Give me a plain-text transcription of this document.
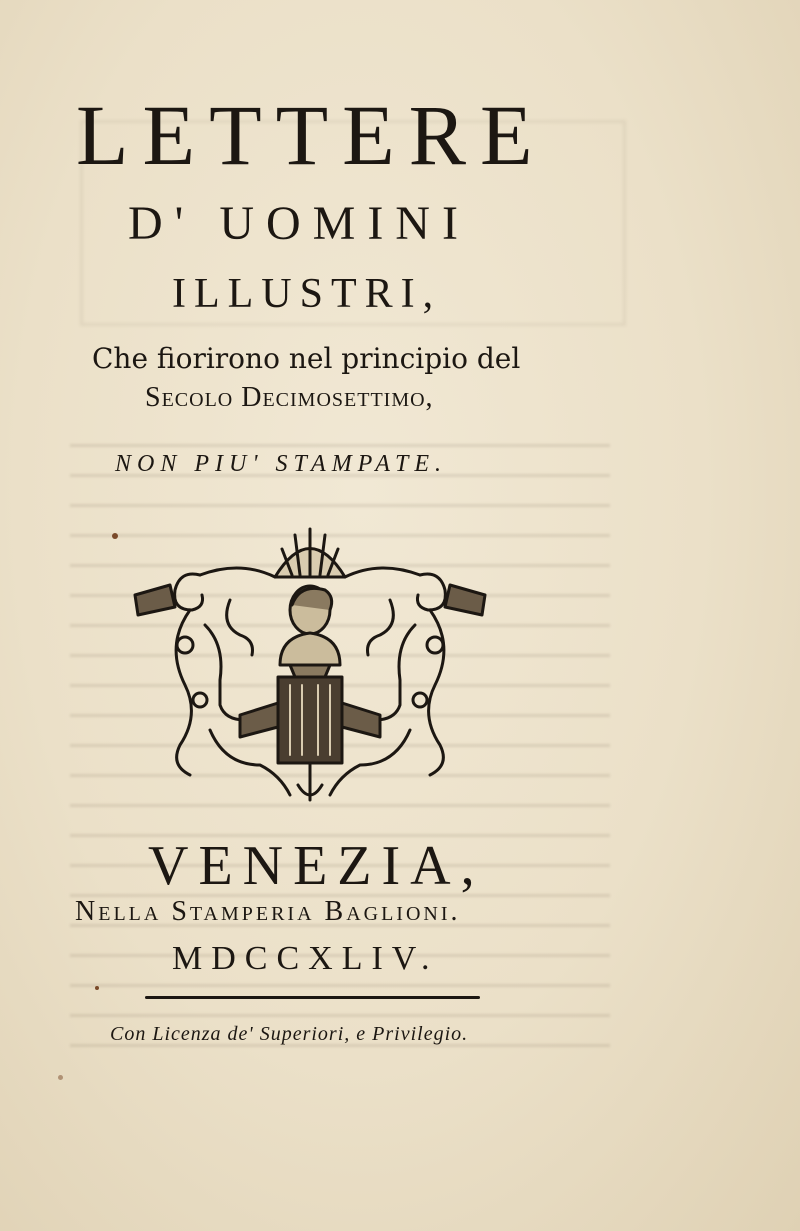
LETTERE
D' UOMINI
ILLUSTRI,
Che fiorirono nel principio del
Secolo Decimosettimo,
NON PIU' STAMPATE.
VENEZIA,
Nella Stamperia Baglioni.
MDCCXLIV.
Con Licenza de' Superiori, e Privilegio.
